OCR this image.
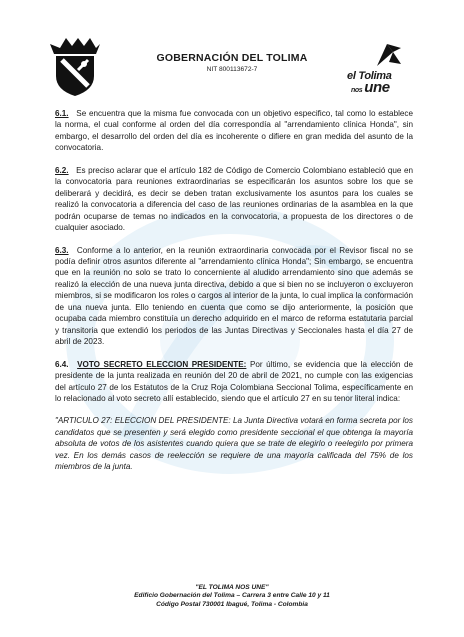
GOBERNACIÓN DEL TOLIMA
NIT 800113672-7
el Tolima
nos une

6.1. Se encuentra que la misma fue convocada con un objetivo especifico, tal como lo establece la norma, el cual conforme al orden del día correspondía al "arrendamiento clínica Honda", sin embargo, el desarrollo del orden del día es incoherente o difiere en gran medida del asunto de la convocatoria.

6.2. Es preciso aclarar que el artículo 182 de Código de Comercio Colombiano estableció que en la convocatoria para reuniones extraordinarias se especificarán los asuntos sobre los que se deliberará y decidirá, es decir se deben tratan exclusivamente los asuntos para los cuales se realizó la convocatoria a diferencia del caso de las reuniones ordinarias de la asamblea en la que podrán ocuparse de temas no indicados en la convocatoria, a propuesta de los directores o de cualquier asociado.

6.3. Conforme a lo anterior, en la reunión extraordinaria convocada por el Revisor fiscal no se podía definir otros asuntos diferente al "arrendamiento clínica Honda"; Sin embargo, se encuentra que en la reunión no solo se trato lo concerniente al aludido arrendamiento sino que además se realizó la elección de una nueva junta directiva, debido a que si bien no se incluyeron o excluyeron miembros, si se modificaron los roles o cargos al interior de la junta, lo cual implica la conformación de una nueva junta. Ello teniendo en cuenta que como se dijo anteriormente, la posición que ocupaba cada miembro constituía un derecho adquirido en el marco de reforma estatutaria parcial y transitoria que extendió los periodos de las Juntas Directivas y Seccionales hasta el día 27 de abril de 2023.

6.4. VOTO SECRETO ELECCION PRESIDENTE: Por último, se evidencia que la elección de presidente de la junta realizada en reunión del 20 de abril de 2021, no cumple con las exigencias del artículo 27 de los Estatutos de la Cruz Roja Colombiana Seccional Tolima, específicamente en lo relacionado al voto secreto allí establecido, siendo que el artículo 27 en su tenor literal indica:

"ARTICULO 27: ELECCION DEL PRESIDENTE: La Junta Directiva votará en forma secreta por los candidatos que se presenten y será elegido como presidente seccional el que obtenga la mayoría absoluta de votos de los asistentes cuando quiera que se trate de elegirlo o reelegirlo por primera vez. En los demás casos de reelección se requiere de una mayoría calificada del 75% de los miembros de la junta.

"EL TOLIMA NOS UNE"
Edificio Gobernación del Tolima – Carrera 3 entre Calle 10 y 11
Código Postal 730001 Ibagué, Tolima - Colombia
